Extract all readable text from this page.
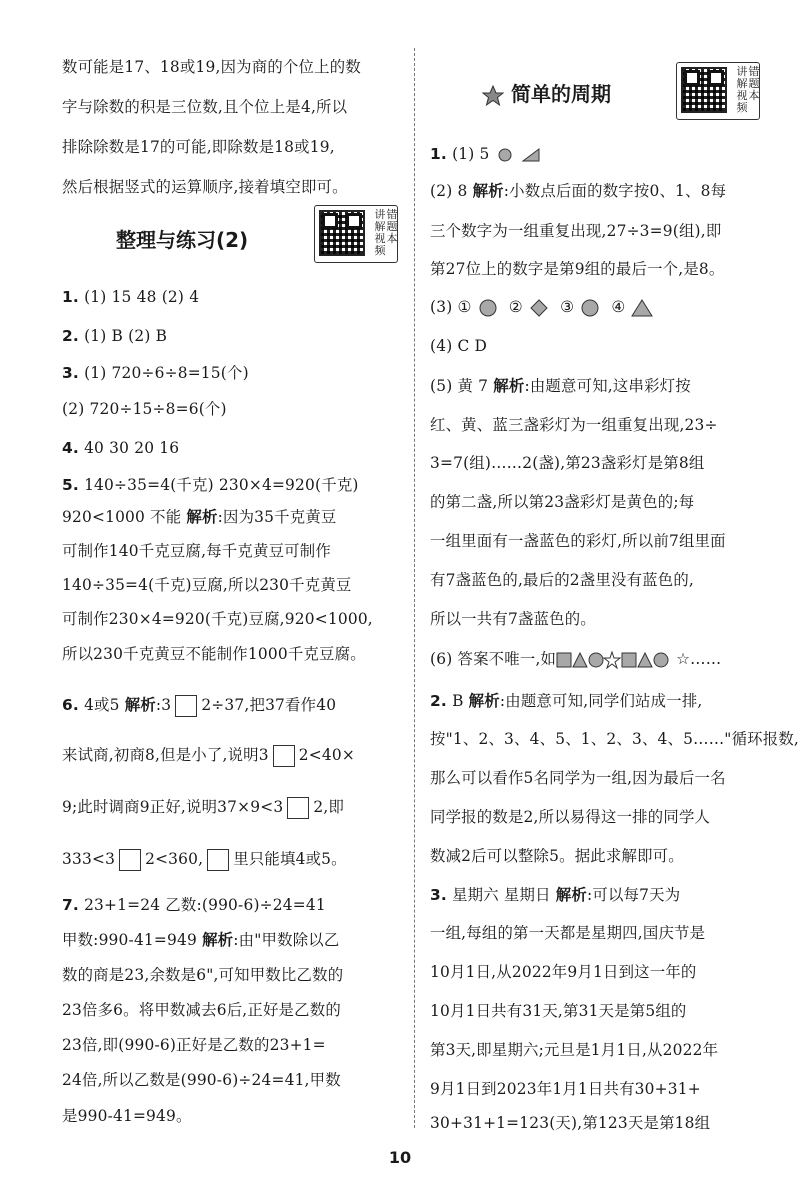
数可能是17、18或19,因为商的个位上的数
字与除数的积是三位数,且个位上是4,所以
排除除数是17的可能,即除数是18或19,
然后根据竖式的运算顺序,接着填空即可。
整理与练习(2)
讲
解
视
频
错
题
本
1. (1) 15 48 (2) 4
2. (1) B (2) B
3. (1) 720÷6÷8=15(个)
(2) 720÷15÷8=6(个)
4. 40 30 20 16
5. 140÷35=4(千克) 230×4=920(千克)
920<1000 不能 解析:因为35千克黄豆
可制作140千克豆腐,每千克黄豆可制作
140÷35=4(千克)豆腐,所以230千克黄豆
可制作230×4=920(千克)豆腐,920<1000,
所以230千克黄豆不能制作1000千克豆腐。
6. 4或5 解析:3 2÷37,把37看作40
来试商,初商8,但是小了,说明3 2<40×
9;此时调商9正好,说明37×9<3 2,即
333<3 2<360, 里只能填4或5。
7. 23+1=24 乙数:(990-6)÷24=41
甲数:990-41=949 解析:由"甲数除以乙
数的商是23,余数是6",可知甲数比乙数的
23倍多6。将甲数减去6后,正好是乙数的
23倍,即(990-6)正好是乙数的23+1=
24倍,所以乙数是(990-6)÷24=41,甲数
是990-41=949。
简单的周期
讲
解
视
频
错
题
本
1. (1) 5
(2) 8 解析:小数点后面的数字按0、1、8每
三个数字为一组重复出现,27÷3=9(组),即
第27位上的数字是第9组的最后一个,是8。
(3) ① ② ③ ④
(4) C D
(5) 黄 7 解析:由题意可知,这串彩灯按
红、黄、蓝三盏彩灯为一组重复出现,23÷
3=7(组)……2(盏),第23盏彩灯是第8组
的第二盏,所以第23盏彩灯是黄色的;每
一组里面有一盏蓝色的彩灯,所以前7组里面
有7盏蓝色的,最后的2盏里没有蓝色的,
所以一共有7盏蓝色的。
(6) 答案不唯一,如	☆……
2. B 解析:由题意可知,同学们站成一排,
按"1、2、3、4、5、1、2、3、4、5……"循环报数,
那么可以看作5名同学为一组,因为最后一名
同学报的数是2,所以易得这一排的同学人
数减2后可以整除5。据此求解即可。
3. 星期六 星期日 解析:可以每7天为
一组,每组的第一天都是星期四,国庆节是
10月1日,从2022年9月1日到这一年的
10月1日共有31天,第31天是第5组的
第3天,即星期六;元旦是1月1日,从2022年
9月1日到2023年1月1日共有30+31+
30+31+1=123(天),第123天是第18组
10
